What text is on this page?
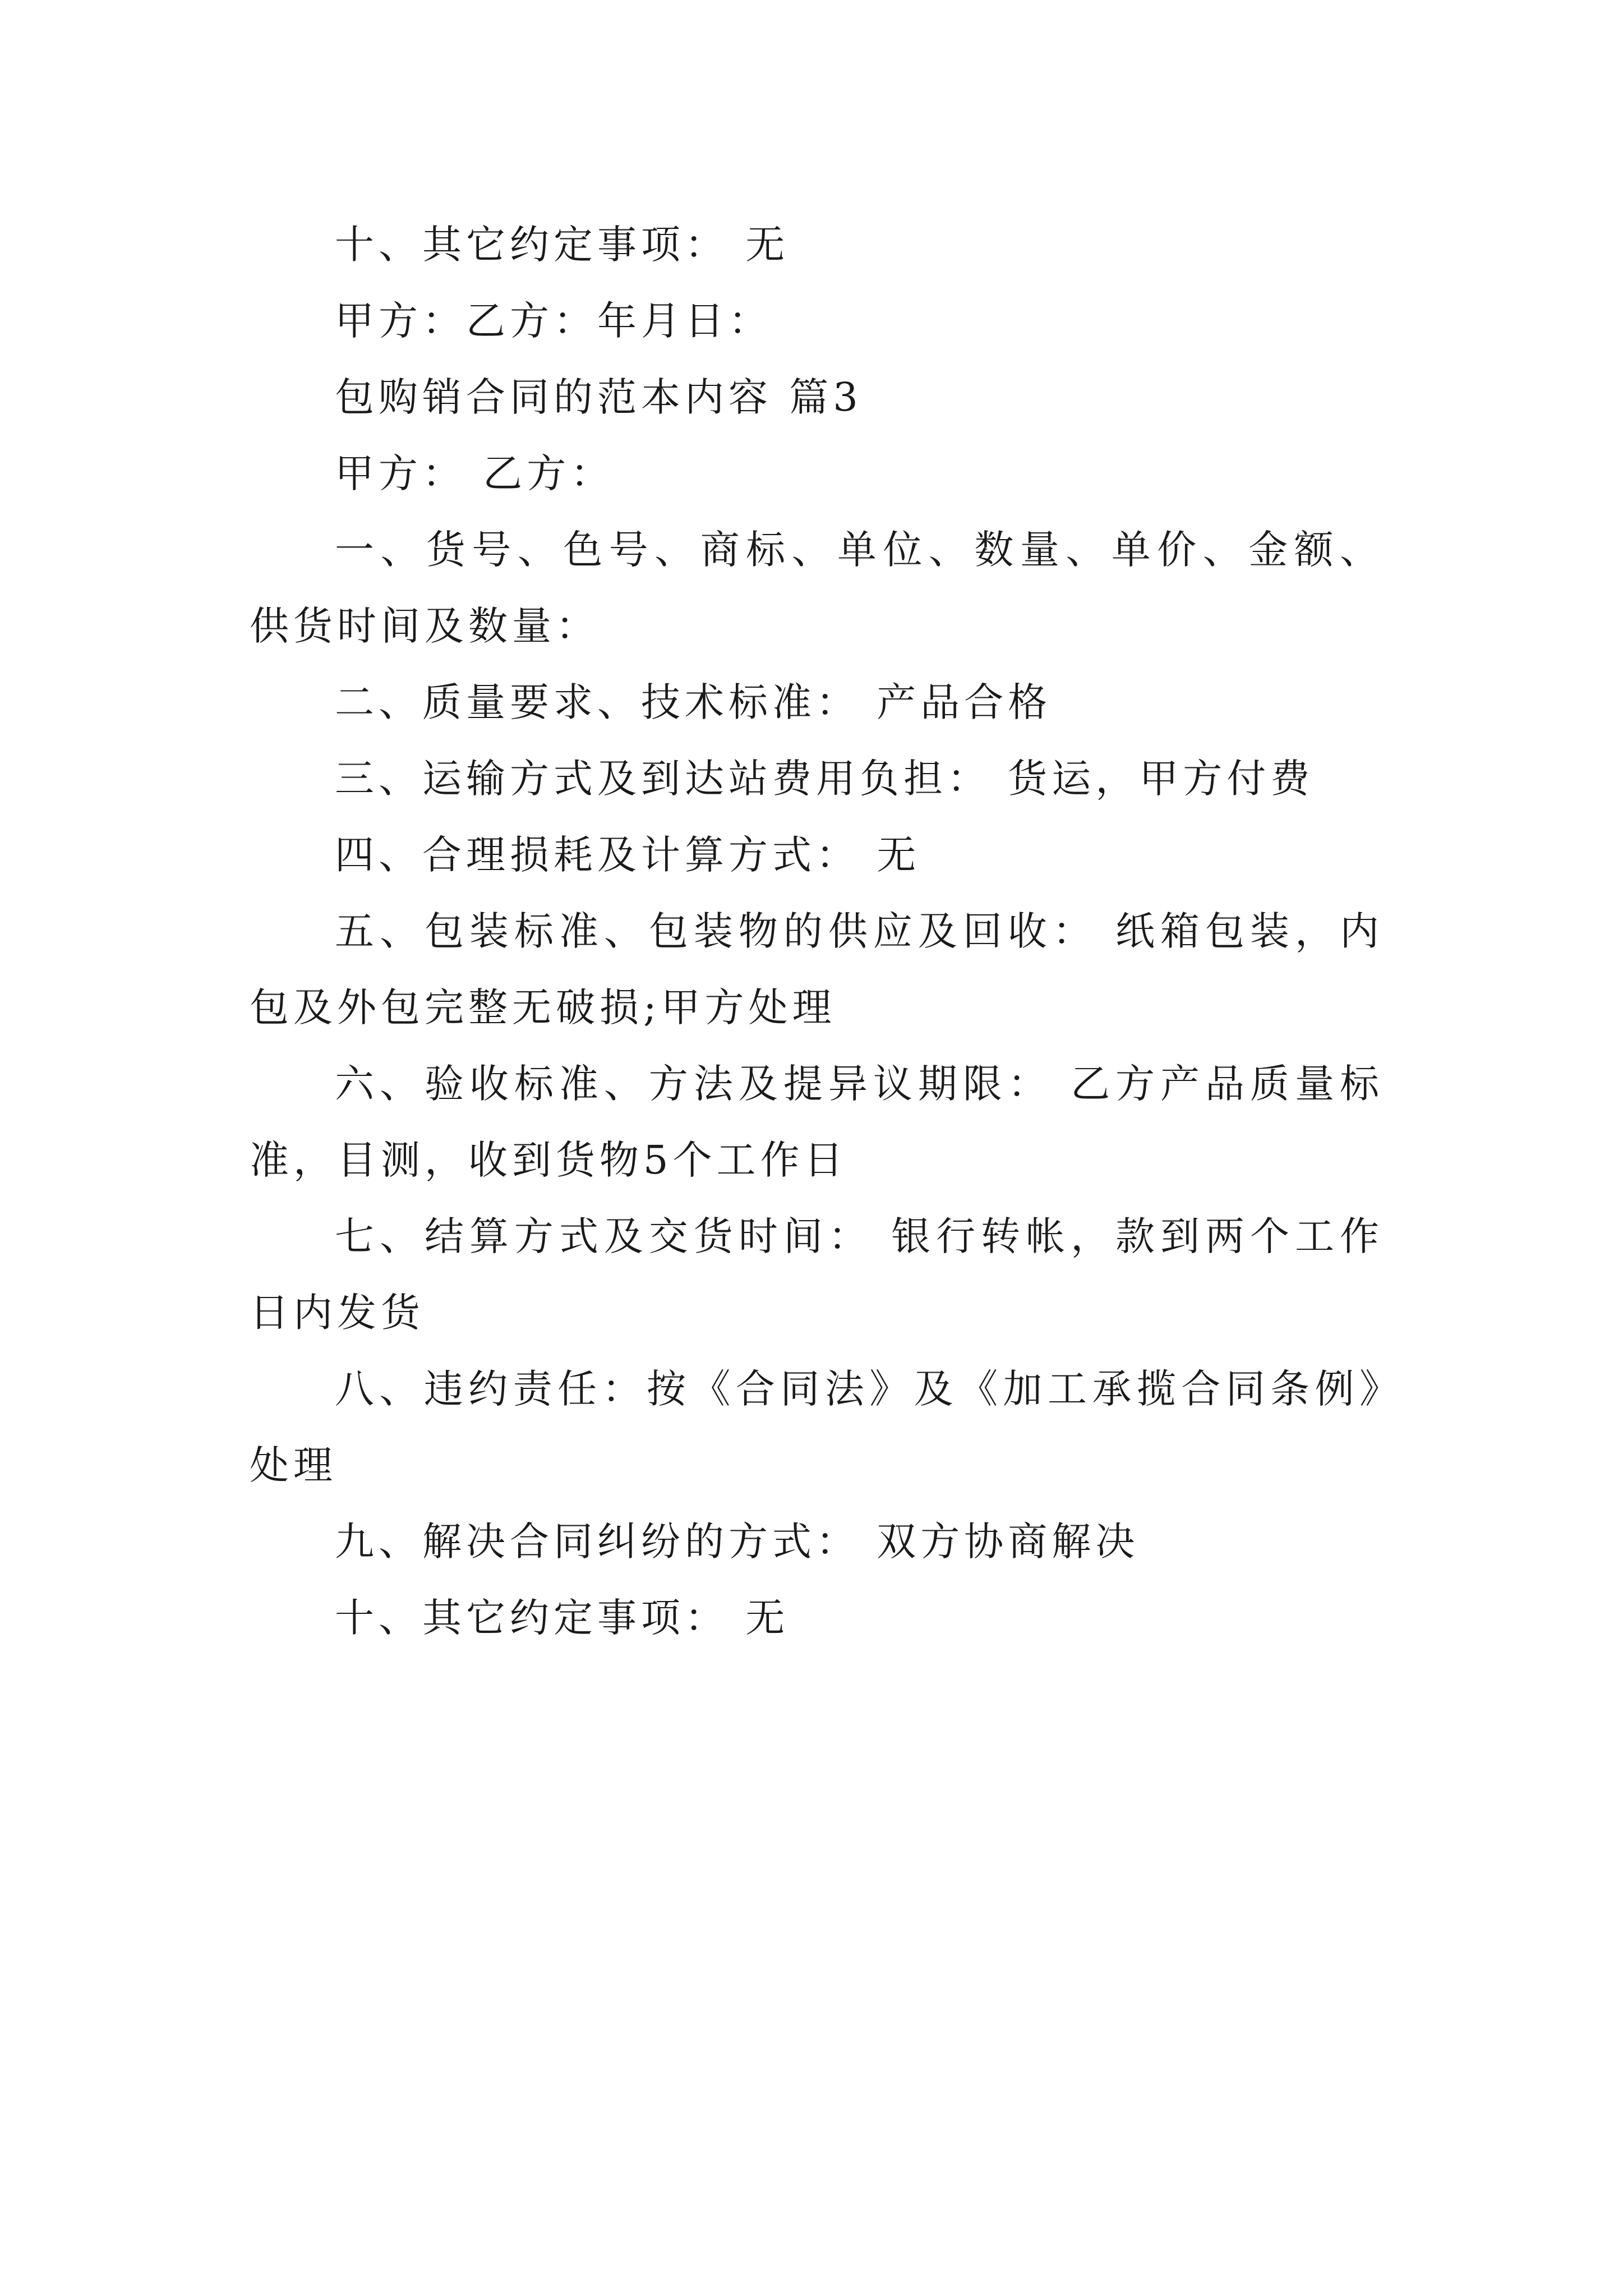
十、其它约定事项： 无

甲方：乙方：年月日：

包购销合同的范本内容 篇3

甲方： 乙方：

一、货号、色号、商标、单位、数量、单价、金额、供货时间及数量：

二、质量要求、技术标准： 产品合格

三、运输方式及到达站费用负担： 货运，甲方付费

四、合理损耗及计算方式： 无

五、包装标准、包装物的供应及回收： 纸箱包装，内包及外包完整无破损;甲方处理

六、验收标准、方法及提异议期限： 乙方产品质量标准，目测，收到货物5个工作日

七、结算方式及交货时间： 银行转帐，款到两个工作日内发货

八、违约责任：按《合同法》及《加工承揽合同条例》处理

九、解决合同纠纷的方式： 双方协商解决

十、其它约定事项： 无
